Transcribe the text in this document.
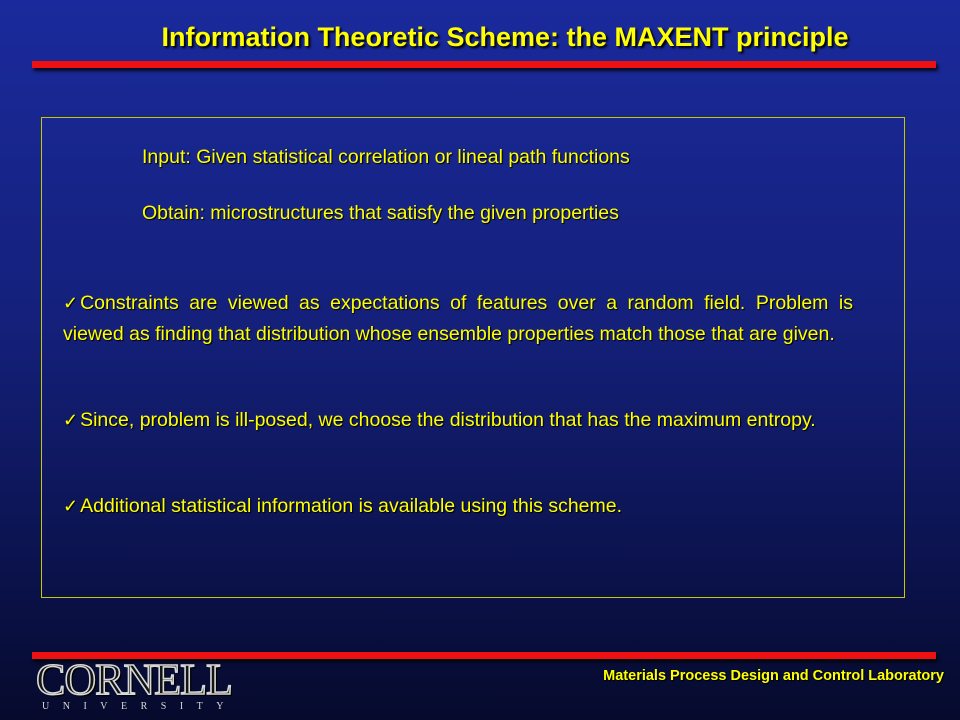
Information Theoretic Scheme: the MAXENT principle
Input: Given statistical correlation or lineal path functions
Obtain: microstructures that satisfy the given properties
✓ Constraints are viewed as expectations of features over a random field. Problem is viewed as finding that distribution whose ensemble properties match those that are given.
✓ Since, problem is ill-posed, we choose the distribution that has the maximum entropy.
✓ Additional statistical information is available using this scheme.
CORNELL
UNIVERSITY
Materials Process Design and Control Laboratory
